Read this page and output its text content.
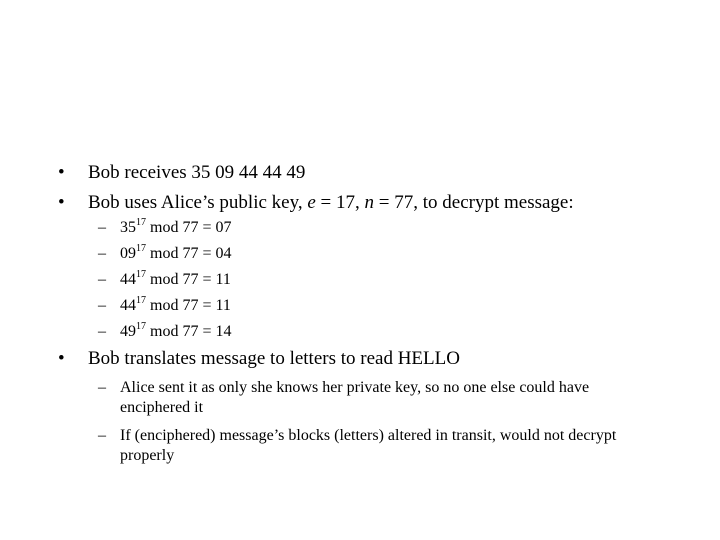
• Bob receives 35 09 44 44 49
• Bob uses Alice’s public key, e = 17, n = 77, to decrypt message:
– $35^{17}$ mod 77 = 07
– $09^{17}$ mod 77 = 04
– $44^{17}$ mod 77 = 11
– $44^{17}$ mod 77 = 11
– $49^{17}$ mod 77 = 14
• Bob translates message to letters to read HELLO
– Alice sent it as only she knows her private key, so no one else could have enciphered it
– If (enciphered) message’s blocks (letters) altered in transit, would not decrypt properly
